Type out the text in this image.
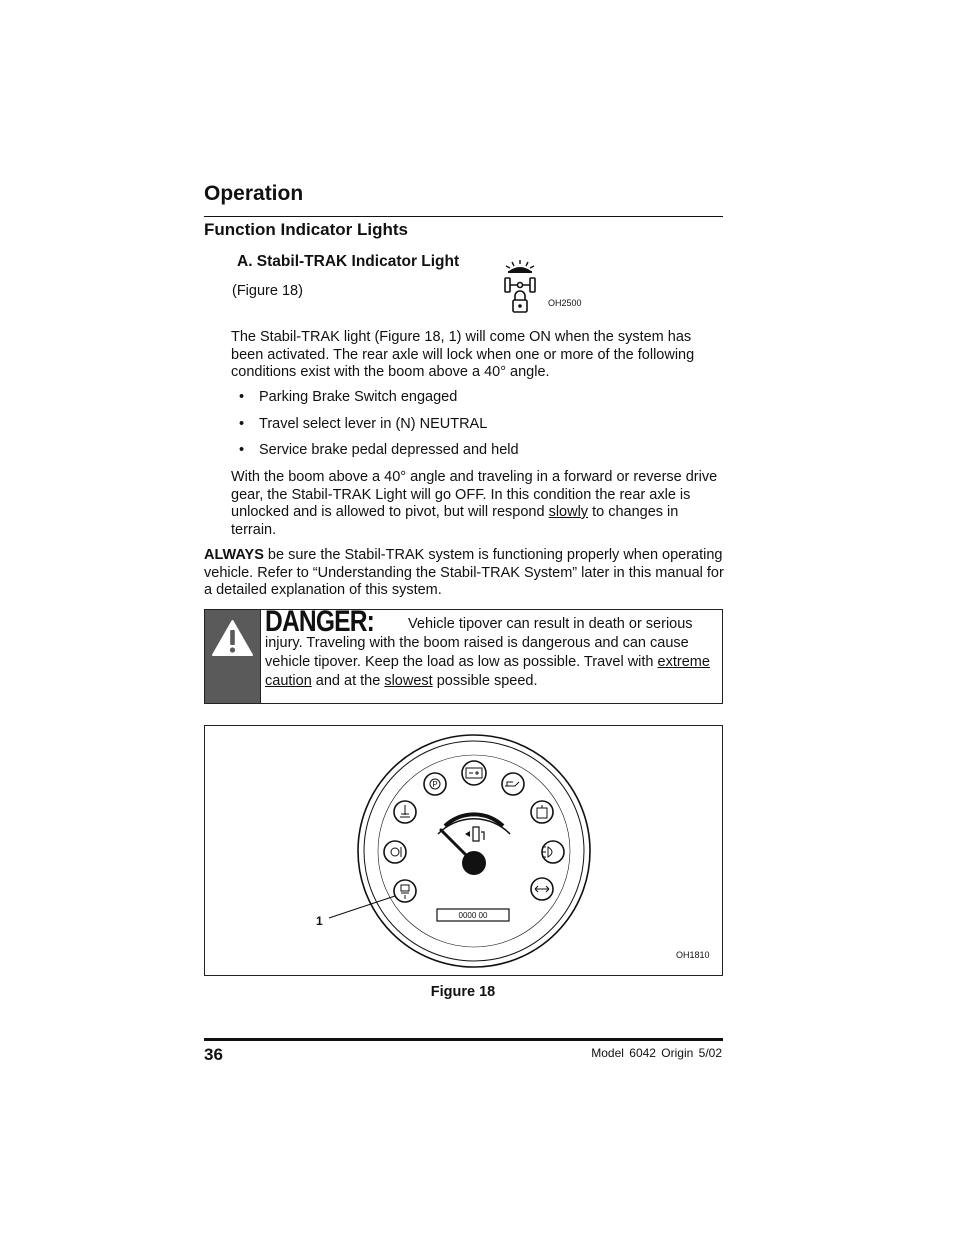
Operation
Function Indicator Lights
A. Stabil-TRAK Indicator Light
(Figure 18)
OH2500
The Stabil-TRAK light (Figure 18, 1) will come ON when the system has been activated. The rear axle will lock when one or more of the following conditions exist with the boom above a 40° angle.
• Parking Brake Switch engaged
• Travel select lever in (N) NEUTRAL
• Service brake pedal depressed and held
With the boom above a 40° angle and traveling in a forward or reverse drive gear, the Stabil-TRAK Light will go OFF. In this condition the rear axle is unlocked and is allowed to pivot, but will respond slowly to changes in terrain.
ALWAYS be sure the Stabil-TRAK system is functioning properly when operating vehicle. Refer to “Understanding the Stabil-TRAK System” later in this manual for a detailed explanation of this system.
DANGER: Vehicle tipover can result in death or serious injury. Traveling with the boom raised is dangerous and can cause vehicle tipover. Keep the load as low as possible. Travel with extreme caution and at the slowest possible speed.
P
0000 00
1
OH1810
Figure 18
36	Model 6042 Origin 5/02
